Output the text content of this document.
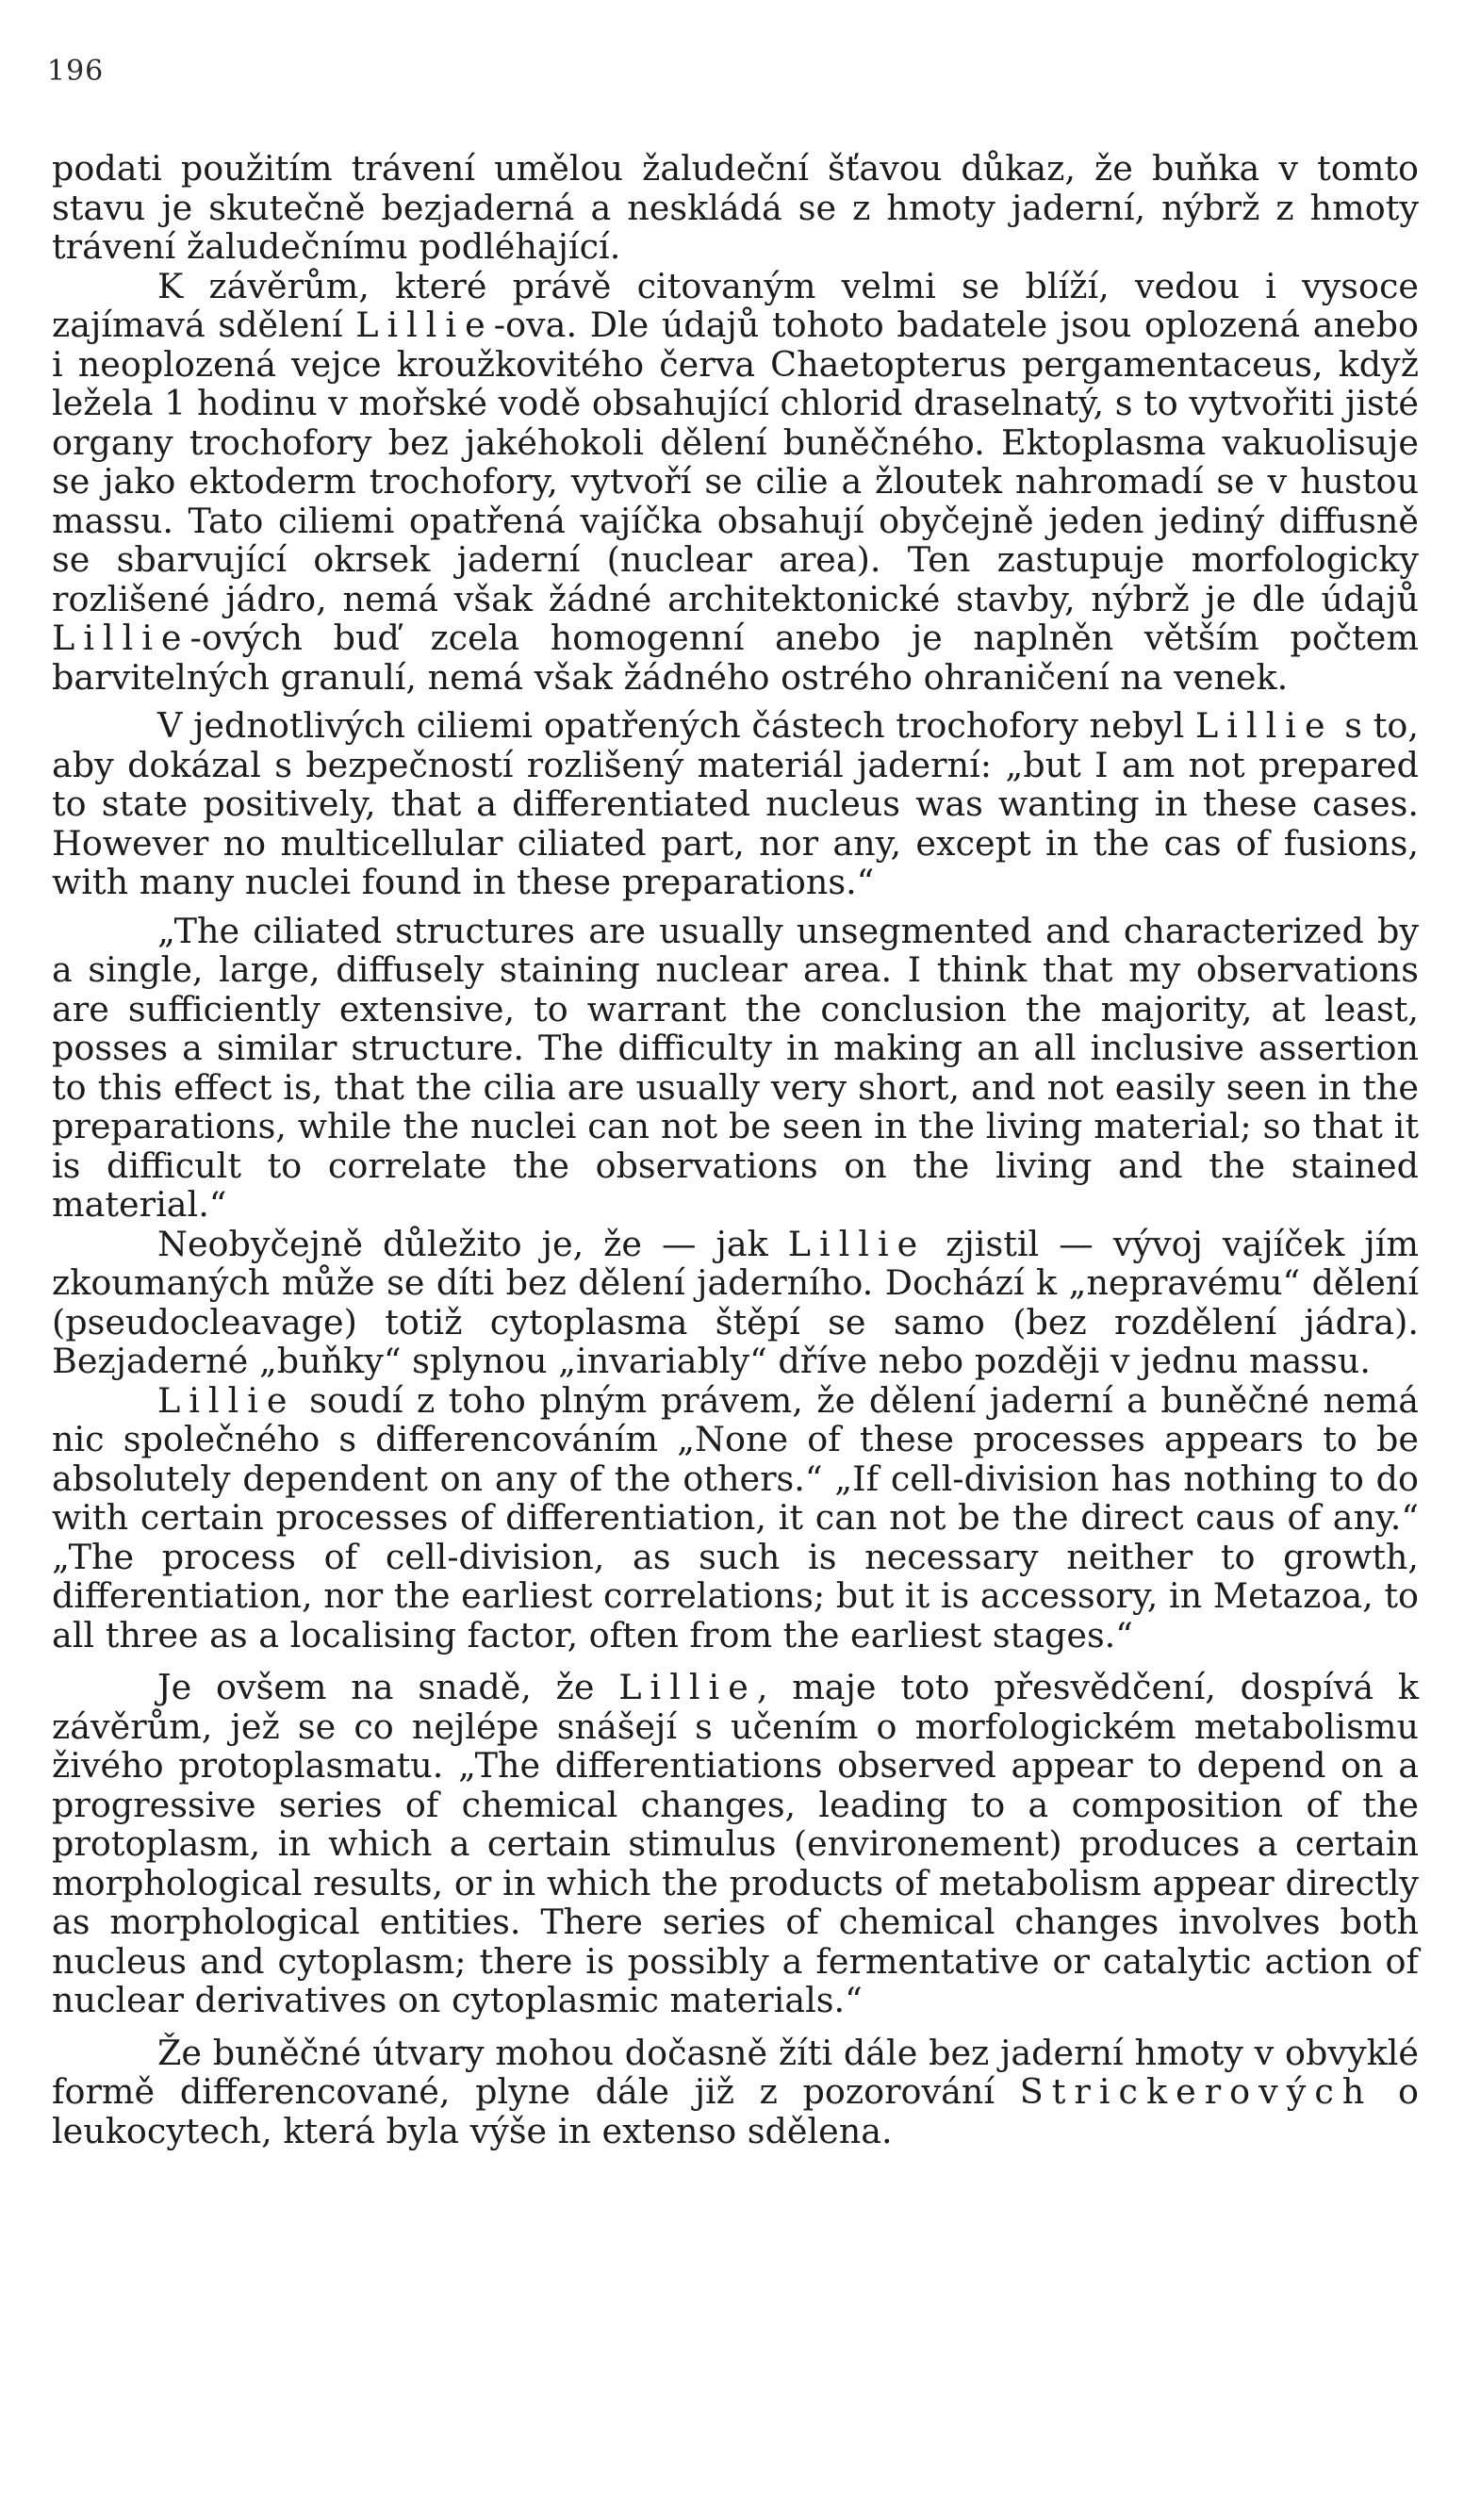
196

podati použitím trávení umělou žaludeční šťavou důkaz, že buňka v tomto stavu je skutečně bezjaderná a neskládá se z hmoty jaderní, nýbrž z hmoty trávení žaludečnímu podléhající.

K závěrům, které právě citovaným velmi se blíží, vedou i vysoce zajímavá sdělení Lillie-ova. Dle údajů tohoto badatele jsou oplozená anebo i neoplozená vejce kroužkovitého červa Chaetopterus pergamentaceus, když ležela 1 hodinu v mořské vodě obsahující chlorid draselnatý, s to vytvořiti jisté organy trochofory bez jakéhokoli dělení buněčného. Ektoplasma vakuolisuje se jako ektoderm trochofory, vytvoří se cilie a žloutek nahromadí se v hustou massu. Tato ciliemi opatřená vajíčka obsahují obyčejně jeden jediný diffusně se sbarvující okrsek jaderní (nuclear area). Ten zastupuje morfologicky rozlišené jádro, nemá však žádné architektonické stavby, nýbrž je dle údajů Lillie-ových buď zcela homogenní anebo je naplněn větším počtem barvitelných granulí, nemá však žádného ostrého ohraničení na venek.

V jednotlivých ciliemi opatřených částech trochofory nebyl Lillie s to, aby dokázal s bezpečností rozlišený materiál jaderní: „but I am not prepared to state positively, that a differentiated nucleus was wanting in these cases. However no multicellular ciliated part, nor any, except in the cas of fusions, with many nuclei found in these preparations.“

„The ciliated structures are usually unsegmented and characterized by a single, large, diffusely staining nuclear area. I think that my observations are sufficiently extensive, to warrant the conclusion the majority, at least, posses a similar structure. The difficulty in making an all inclusive assertion to this effect is, that the cilia are usually very short, and not easily seen in the preparations, while the nuclei can not be seen in the living material; so that it is difficult to correlate the observations on the living and the stained material.“

Neobyčejně důležito je, že — jak Lillie zjistil — vývoj vajíček jím zkoumaných může se díti bez dělení jaderního. Dochází k „nepravému“ dělení (pseudocleavage) totiž cytoplasma štěpí se samo (bez rozdělení jádra). Bezjaderné „buňky“ splynou „invariably“ dříve nebo později v jednu massu.

Lillie soudí z toho plným právem, že dělení jaderní a buněčné nemá nic společného s differencováním „None of these processes appears to be absolutely dependent on any of the others.“ „If cell-division has nothing to do with certain processes of differentiation, it can not be the direct caus of any.“ „The process of cell-division, as such is necessary neither to growth, differentiation, nor the earliest correlations; but it is accessory, in Metazoa, to all three as a localising factor, often from the earliest stages.“

Je ovšem na snadě, že Lillie, maje toto přesvědčení, dospívá k závěrům, jež se co nejlépe snášejí s učením o morfologickém metabolismu živého protoplasmatu. „The differentiations observed appear to depend on a progressive series of chemical changes, leading to a composition of the protoplasm, in which a certain stimulus (environement) produces a certain morphological results, or in which the products of metabolism appear directly as morphological entities. There series of chemical changes involves both nucleus and cytoplasm; there is possibly a fermentative or catalytic action of nuclear derivatives on cytoplasmic materials.“

Že buněčné útvary mohou dočasně žíti dále bez jaderní hmoty v obvyklé formě differencované, plyne dále již z pozorování Strickerových o leukocytech, která byla výše in extenso sdělena.
